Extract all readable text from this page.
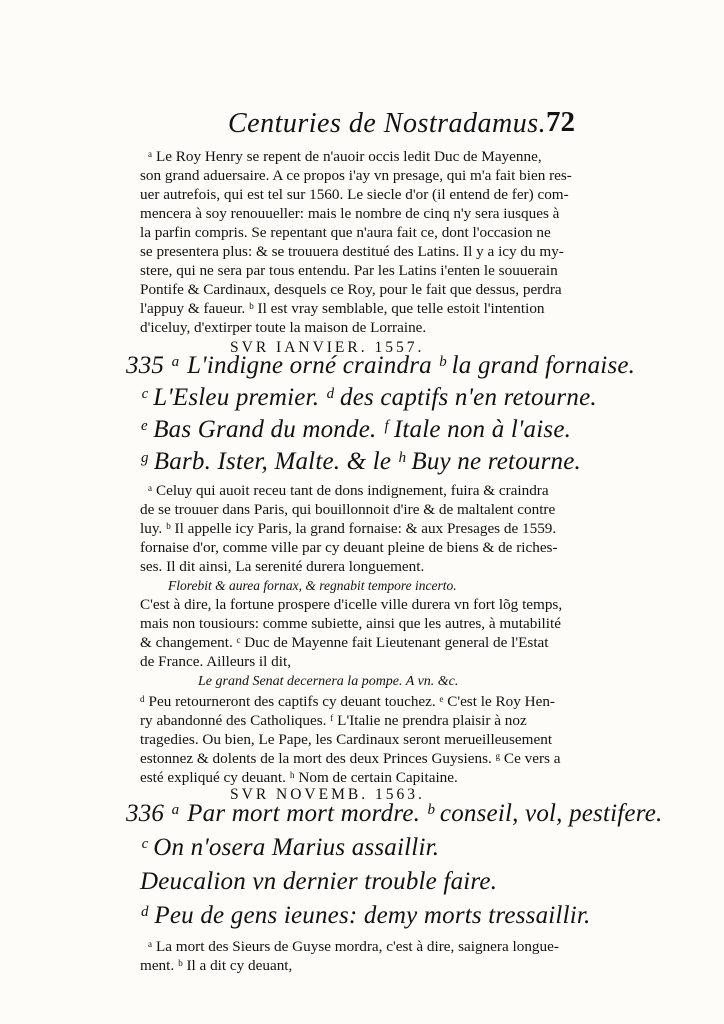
Centuries de Nostradamus. 72
ᵃ Le Roy Henry se repent de n'auoir occis ledit Duc de Mayenne,
son grand aduersaire. A ce propos i'ay vn presage, qui m'a fait bien res-
uer autrefois, qui est tel sur 1560. Le siecle d'or (il entend de fer) com-
mencera à soy renouueller: mais le nombre de cinq n'y sera iusques à
la parfin compris. Se repentant que n'aura fait ce, dont l'occasion ne
se presentera plus: & se trouuera destitué des Latins. Il y a icy du my-
stere, qui ne sera par tous entendu. Par les Latins i'enten le souuerain
Pontife & Cardinaux, desquels ce Roy, pour le fait que dessus, perdra
l'appuy & faueur. ᵇ Il est vray semblable, que telle estoit l'intention
d'iceluy, d'extirper toute la maison de Lorraine.
SVR IANVIER. 1557.
335 ᵃ L'indigne orné craindra ᵇ la grand fornaise.
ᶜ L'Esleu premier. ᵈ des captifs n'en retourne.
ᵉ Bas Grand du monde. ᶠ Itale non à l'aise.
ᵍ Barb. Ister, Malte. & le ʰ Buy ne retourne.
ᵃ Celuy qui auoit receu tant de dons indignement, fuira & craindra
de se trouuer dans Paris, qui bouillonnoit d'ire & de maltalent contre
luy. ᵇ Il appelle icy Paris, la grand fornaise: & aux Presages de 1559.
fornaise d'or, comme ville par cy deuant pleine de biens & de riches-
ses. Il dit ainsi, La serenité durera longuement.
Florebit & aurea fornax, & regnabit tempore incerto.
C'est à dire, la fortune prospere d'icelle ville durera vn fort lõg temps,
mais non tousiours: comme subiette, ainsi que les autres, à mutabilité
& changement. ᶜ Duc de Mayenne fait Lieutenant general de l'Estat
de France. Ailleurs il dit,
Le grand Senat decernera la pompe. A vn. &c.
ᵈ Peu retourneront des captifs cy deuant touchez. ᵉ C'est le Roy Hen-
ry abandonné des Catholiques. ᶠ L'Italie ne prendra plaisir à noz
tragedies. Ou bien, Le Pape, les Cardinaux seront merueilleusement
estonnez & dolents de la mort des deux Princes Guysiens. ᵍ Ce vers a
esté expliqué cy deuant. ʰ Nom de certain Capitaine.
SVR NOVEMB. 1563.
336 ᵃ Par mort mort mordre. ᵇ conseil, vol, pestifere.
ᶜ On n'osera Marius assaillir.
Deucalion vn dernier trouble faire.
ᵈ Peu de gens ieunes: demy morts tressaillir.
ᵃ La mort des Sieurs de Guyse mordra, c'est à dire, saignera longue-
ment. ᵇ Il a dit cy deuant,
